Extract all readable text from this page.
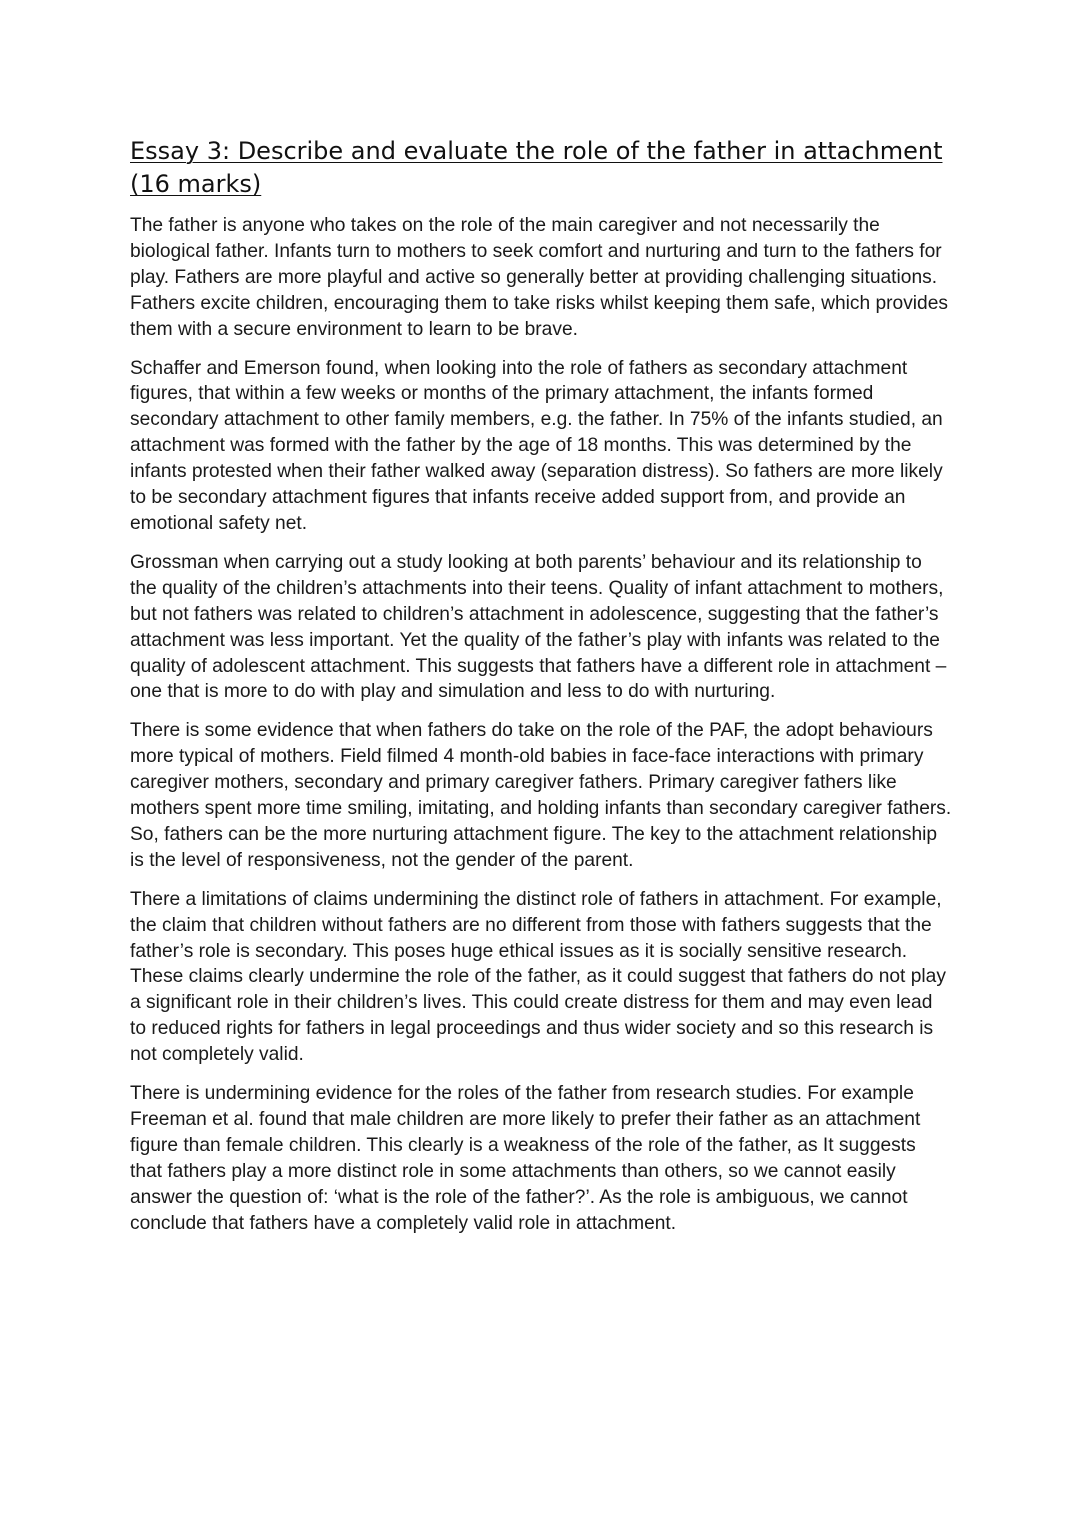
Essay 3: Describe and evaluate the role of the father in attachment (16 marks)

The father is anyone who takes on the role of the main caregiver and not necessarily the biological father. Infants turn to mothers to seek comfort and nurturing and turn to the fathers for play. Fathers are more playful and active so generally better at providing challenging situations. Fathers excite children, encouraging them to take risks whilst keeping them safe, which provides them with a secure environment to learn to be brave.

Schaffer and Emerson found, when looking into the role of fathers as secondary attachment figures, that within a few weeks or months of the primary attachment, the infants formed secondary attachment to other family members, e.g. the father. In 75% of the infants studied, an attachment was formed with the father by the age of 18 months. This was determined by the infants protested when their father walked away (separation distress). So fathers are more likely to be secondary attachment figures that infants receive added support from, and provide an emotional safety net.

Grossman when carrying out a study looking at both parents’ behaviour and its relationship to the quality of the children’s attachments into their teens. Quality of infant attachment to mothers, but not fathers was related to children’s attachment in adolescence, suggesting that the father’s attachment was less important. Yet the quality of the father’s play with infants was related to the quality of adolescent attachment. This suggests that fathers have a different role in attachment – one that is more to do with play and simulation and less to do with nurturing.

There is some evidence that when fathers do take on the role of the PAF, the adopt behaviours more typical of mothers. Field filmed 4 month-old babies in face-face interactions with primary caregiver mothers, secondary and primary caregiver fathers. Primary caregiver fathers like mothers spent more time smiling, imitating, and holding infants than secondary caregiver fathers. So, fathers can be the more nurturing attachment figure. The key to the attachment relationship is the level of responsiveness, not the gender of the parent.

There a limitations of claims undermining the distinct role of fathers in attachment. For example, the claim that children without fathers are no different from those with fathers suggests that the father’s role is secondary. This poses huge ethical issues as it is socially sensitive research. These claims clearly undermine the role of the father, as it could suggest that fathers do not play a significant role in their children’s lives. This could create distress for them and may even lead to reduced rights for fathers in legal proceedings and thus wider society and so this research is not completely valid.

There is undermining evidence for the roles of the father from research studies. For example Freeman et al. found that male children are more likely to prefer their father as an attachment figure than female children. This clearly is a weakness of the role of the father, as It suggests that fathers play a more distinct role in some attachments than others, so we cannot easily answer the question of: ‘what is the role of the father?’. As the role is ambiguous, we cannot conclude that fathers have a completely valid role in attachment.
